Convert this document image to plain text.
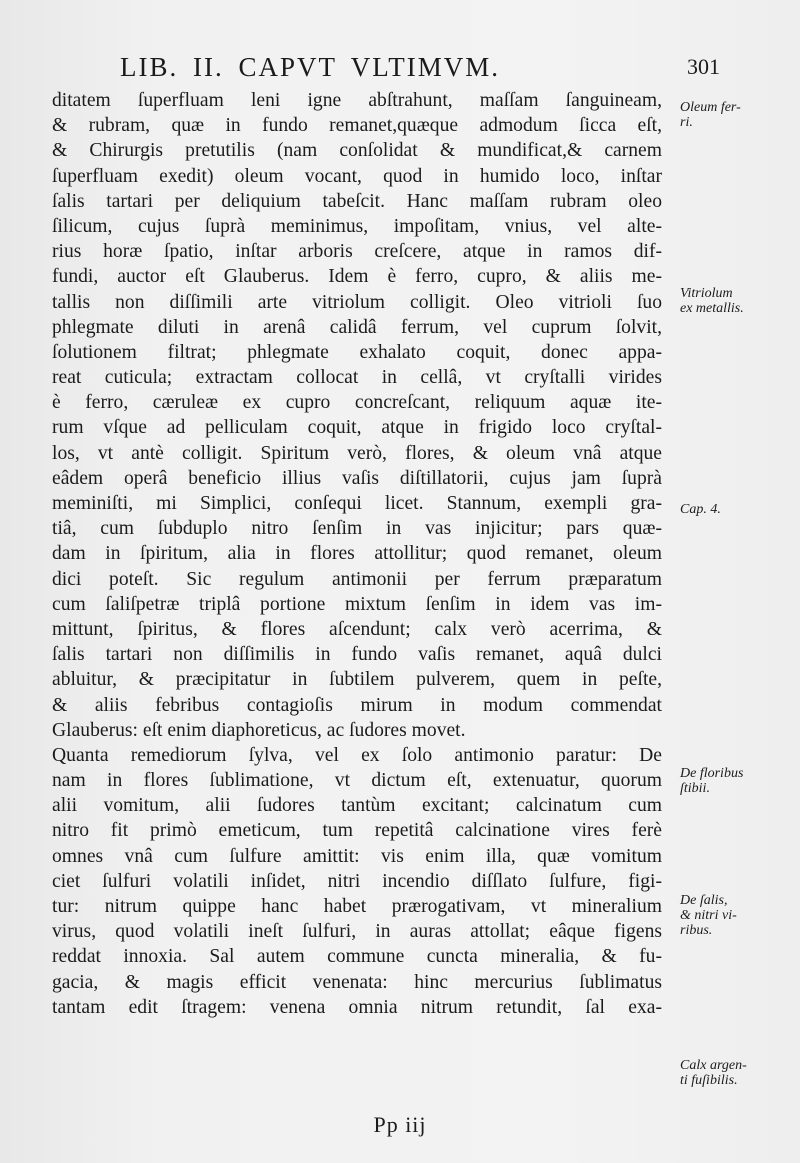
LIB. II. CAPVT VLTIMVM.	301
ditatem ſuperfluam leni igne abſtrahunt, maſſam ſanguineam,
& rubram, quæ in fundo remanet,quæque admodum ſicca eſt,
& Chirurgis pretutilis (nam conſolidat & mundificat,& carnem
ſuperfluam exedit) oleum vocant, quod in humido loco, inſtar
ſalis tartari per deliquium tabeſcit. Hanc maſſam rubram oleo
ſilicum, cujus ſuprà meminimus, impoſitam, vnius, vel alte-
rius horæ ſpatio, inſtar arboris creſcere, atque in ramos dif-
fundi, auctor eſt Glauberus. Idem è ferro, cupro, & aliis me-
tallis non diſſimili arte vitriolum colligit. Oleo vitrioli ſuo
phlegmate diluti in arenâ calidâ ferrum, vel cuprum ſolvit,
ſolutionem filtrat; phlegmate exhalato coquit, donec appa-
reat cuticula; extractam collocat in cellâ, vt cryſtalli virides
è ferro, cæruleæ ex cupro concreſcant, reliquum aquæ ite-
rum vſque ad pelliculam coquit, atque in frigido loco cryſtal-
los, vt antè colligit. Spiritum verò, flores, & oleum vnâ atque
eâdem operâ beneficio illius vaſis diſtillatorii, cujus jam ſuprà
meminiſti, mi Simplici, conſequi licet. Stannum, exempli gra-
tiâ, cum ſubduplo nitro ſenſim in vas injicitur; pars quæ-
dam in ſpiritum, alia in flores attollitur; quod remanet, oleum
dici poteſt. Sic regulum antimonii per ferrum præparatum
cum ſaliſpetræ triplâ portione mixtum ſenſim in idem vas im-
mittunt, ſpiritus, & flores aſcendunt; calx verò acerrima, &
ſalis tartari non diſſimilis in fundo vaſis remanet, aquâ dulci
abluitur, & præcipitatur in ſubtilem pulverem, quem in peſte,
& aliis febribus contagioſis mirum in modum commendat
Glauberus: eſt enim diaphoreticus, ac ſudores movet.
Quanta remediorum ſylva, vel ex ſolo antimonio paratur: De
nam in flores ſublimatione, vt dictum eſt, extenuatur, quorum
alii vomitum, alii ſudores tantùm excitant; calcinatum cum
nitro fit primò emeticum, tum repetitâ calcinatione vires ferè
omnes vnâ cum ſulfure amittit: vis enim illa, quæ vomitum
ciet ſulfuri volatili inſidet, nitri incendio diſſlato ſulfure, figi-
tur: nitrum quippe hanc habet prærogativam, vt mineralium
virus, quod volatili ineſt ſulfuri, in auras attollat; eâque figens
reddat innoxia. Sal autem commune cuncta mineralia, & fu-
gacia, & magis efficit venenata: hinc mercurius ſublimatus
tantam edit ſtragem: venena omnia nitrum retundit, ſal exa-
Oleum fer-
ri.
Vitriolum
ex metallis.
Cap. 4.
De floribus
ſtibii.
De ſalis,
& nitri vi-
ribus.
Calx argen-
ti fuſibilis.
Pp iij
